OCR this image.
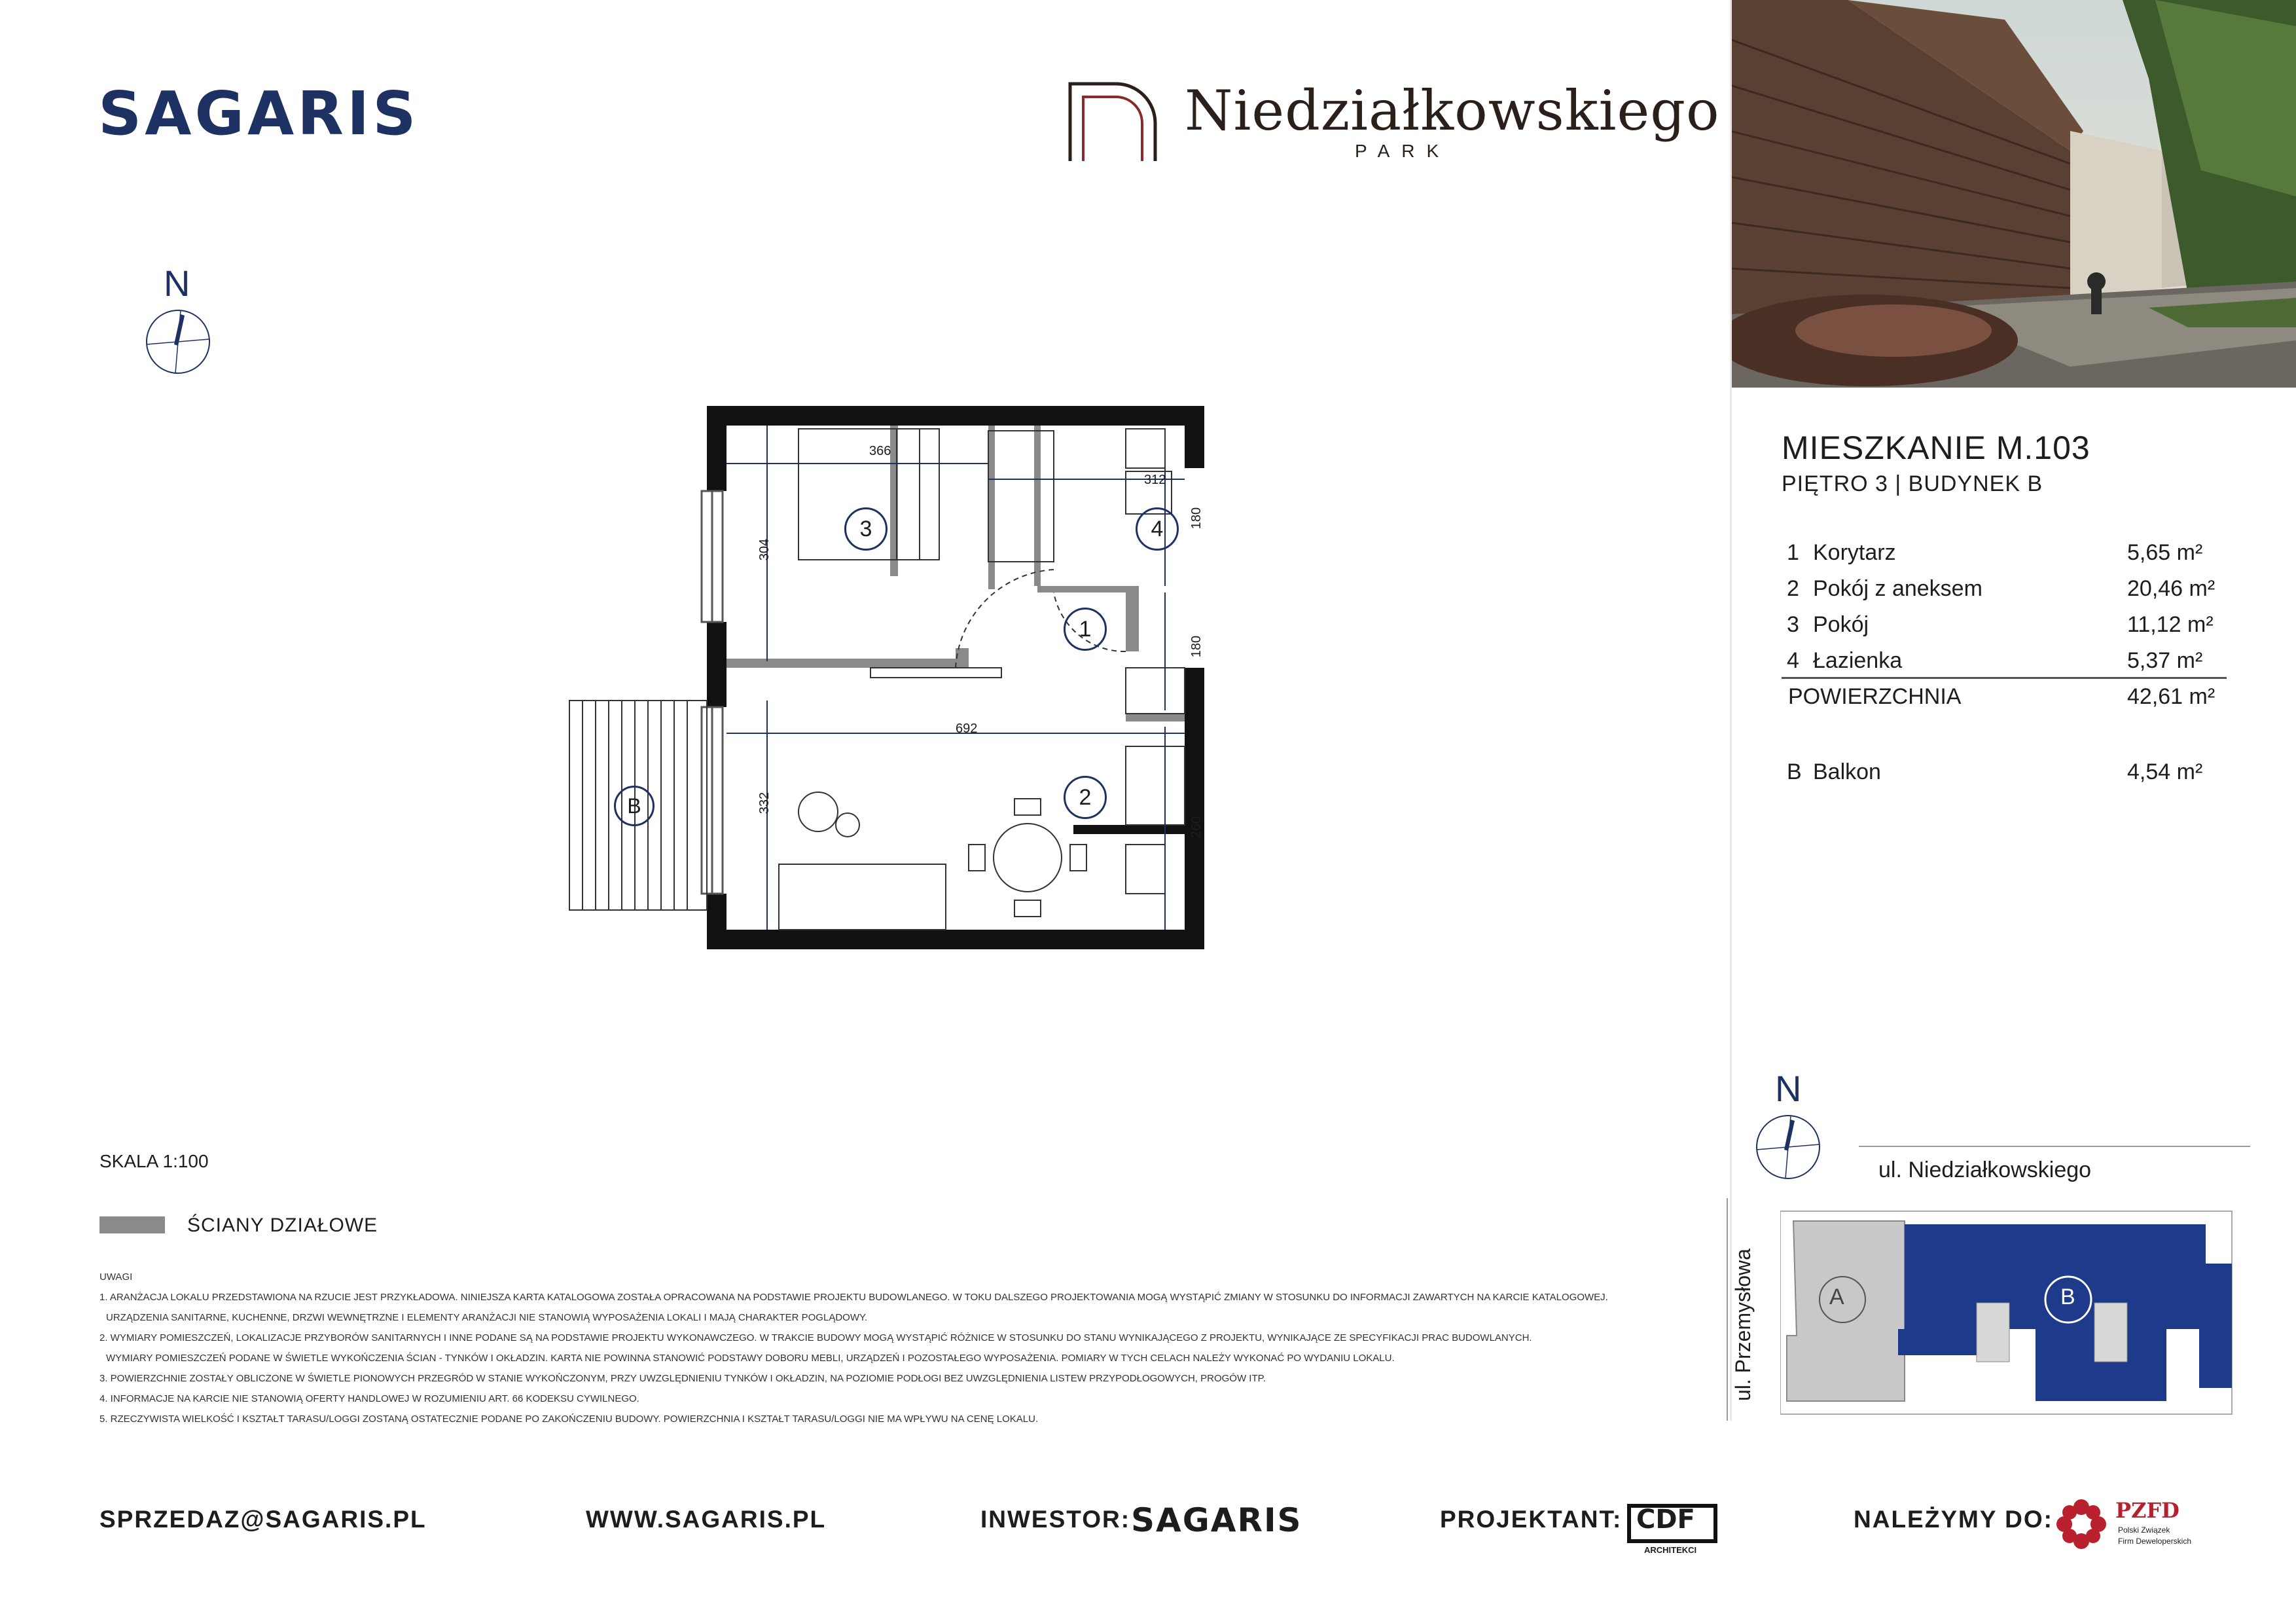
SAGARIS	Niedziałkowskiego
PARK
N
3	4
1
2
B
366
312
180
304
180
692
332
260
MIESZKANIE M.103
PIĘTRO 3 | BUDYNEK B
1 Korytarz	5,65 m²
2 Pokój z aneksem	20,46 m²
3 Pokój	11,12 m²
4 Łazienka	5,37 m²
POWIERZCHNIA	42,61 m²
B Balkon	4,54 m²
SKALA 1:100
ŚCIANY DZIAŁOWE
UWAGI
1. ARANŻACJA LOKALU PRZEDSTAWIONA NA RZUCIE JEST PRZYKŁADOWA. NINIEJSZA KARTA KATALOGOWA ZOSTAŁA OPRACOWANA NA PODSTAWIE PROJEKTU BUDOWLANEGO. W TOKU DALSZEGO PROJEKTOWANIA MOGĄ WYSTĄPIĆ ZMIANY W STOSUNKU DO INFORMACJI ZAWARTYCH NA KARCIE KATALOGOWEJ.
URZĄDZENIA SANITARNE, KUCHENNE, DRZWI WEWNĘTRZNE I ELEMENTY ARANŻACJI NIE STANOWIĄ WYPOSAŻENIA LOKALI I MAJĄ CHARAKTER POGLĄDOWY.
2. WYMIARY POMIESZCZEŃ, LOKALIZACJE PRZYBORÓW SANITARNYCH I INNE PODANE SĄ NA PODSTAWIE PROJEKTU WYKONAWCZEGO. W TRAKCIE BUDOWY MOGĄ WYSTĄPIĆ RÓŻNICE W STOSUNKU DO STANU WYNIKAJĄCEGO Z PROJEKTU, WYNIKAJĄCE ZE SPECYFIKACJI PRAC BUDOWLANYCH.
WYMIARY POMIESZCZEŃ PODANE W ŚWIETLE WYKOŃCZENIA ŚCIAN - TYNKÓW I OKŁADZIN. KARTA NIE POWINNA STANOWIĆ PODSTAWY DOBORU MEBLI, URZĄDZEŃ I POZOSTAŁEGO WYPOSAŻENIA. POMIARY W TYCH CELACH NALEŻY WYKONAĆ PO WYDANIU LOKALU.
3. POWIERZCHNIE ZOSTAŁY OBLICZONE W ŚWIETLE PIONOWYCH PRZEGRÓD W STANIE WYKOŃCZONYM, PRZY UWZGLĘDNIENIU TYNKÓW I OKŁADZIN, NA POZIOMIE PODŁOGI BEZ UWZGLĘDNIENIA LISTEW PRZYPODŁOGOWYCH, PROGÓW ITP.
4. INFORMACJE NA KARCIE NIE STANOWIĄ OFERTY HANDLOWEJ W ROZUMIENIU ART. 66 KODEKSU CYWILNEGO.
5. RZECZYWISTA WIELKOŚĆ I KSZTAŁT TARASU/LOGGI ZOSTANĄ OSTATECZNIE PODANE PO ZAKOŃCZENIU BUDOWY. POWIERZCHNIA I KSZTAŁT TARASU/LOGGI NIE MA WPŁYWU NA CENĘ LOKALU.
N
ul. Niedziałkowskiego
ul. Przemysłowa	A	B
SPRZEDAZ@SAGARIS.PL	WWW.SAGARIS.PL	INWESTOR: SAGARIS	PROJEKTANT: CDF
ARCHITEKCI
NALEŻYMY DO:	PZFD
Polski Związek
Firm Deweloperskich
